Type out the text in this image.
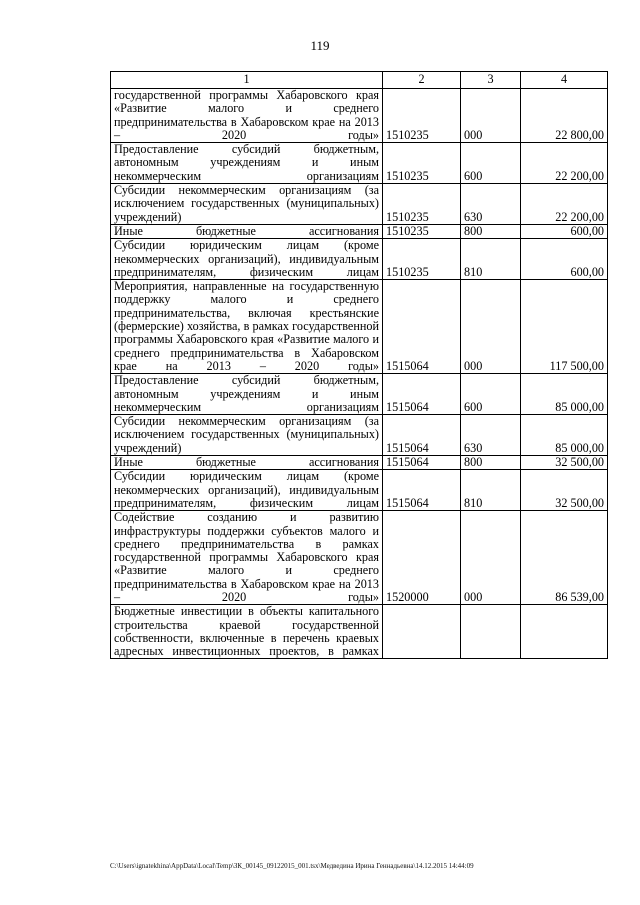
119
1	2	3	4
государственной программы Хабаровского края «Развитие малого и среднего предпринимательства в Хабаровском крае на 2013 – 2020 годы»	1510235	000	22 800,00
Предоставление субсидий бюджетным, автономным учреждениям и иным некоммерческим организациям	1510235	600	22 200,00
Субсидии некоммерческим организациям (за исключением государственных (муниципальных) учреждений)	1510235	630	22 200,00
Иные бюджетные ассигнования	1510235	800	600,00
Субсидии юридическим лицам (кроме некоммерческих организаций), индивидуальным предпринимателям, физическим лицам	1510235	810	600,00
Мероприятия, направленные на государственную поддержку малого и среднего предпринимательства, включая крестьянские (фермерские) хозяйства, в рамках государственной программы Хабаровского края «Развитие малого и среднего предпринимательства в Хабаровском крае на 2013 – 2020 годы»	1515064	000	117 500,00
Предоставление субсидий бюджетным, автономным учреждениям и иным некоммерческим организациям	1515064	600	85 000,00
Субсидии некоммерческим организациям (за исключением государственных (муниципальных) учреждений)	1515064	630	85 000,00
Иные бюджетные ассигнования	1515064	800	32 500,00
Субсидии юридическим лицам (кроме некоммерческих организаций), индивидуальным предпринимателям, физическим лицам	1515064	810	32 500,00
Содействие созданию и развитию инфраструктуры поддержки субъектов малого и среднего предпринимательства в рамках государственной программы Хабаровского края «Развитие малого и среднего предпринимательства в Хабаровском крае на 2013 – 2020 годы»	1520000	000	86 539,00
Бюджетные инвестиции в объекты капитального строительства краевой государственной собственности, включенные в перечень краевых адресных инвестиционных проектов, в рамках			
C:\Users\ignatekhina\AppData\Local\Temp\ЗК_00145_09122015_001.tsx\Медведина Ирина Геннадьевна\14.12.2015 14:44:09
